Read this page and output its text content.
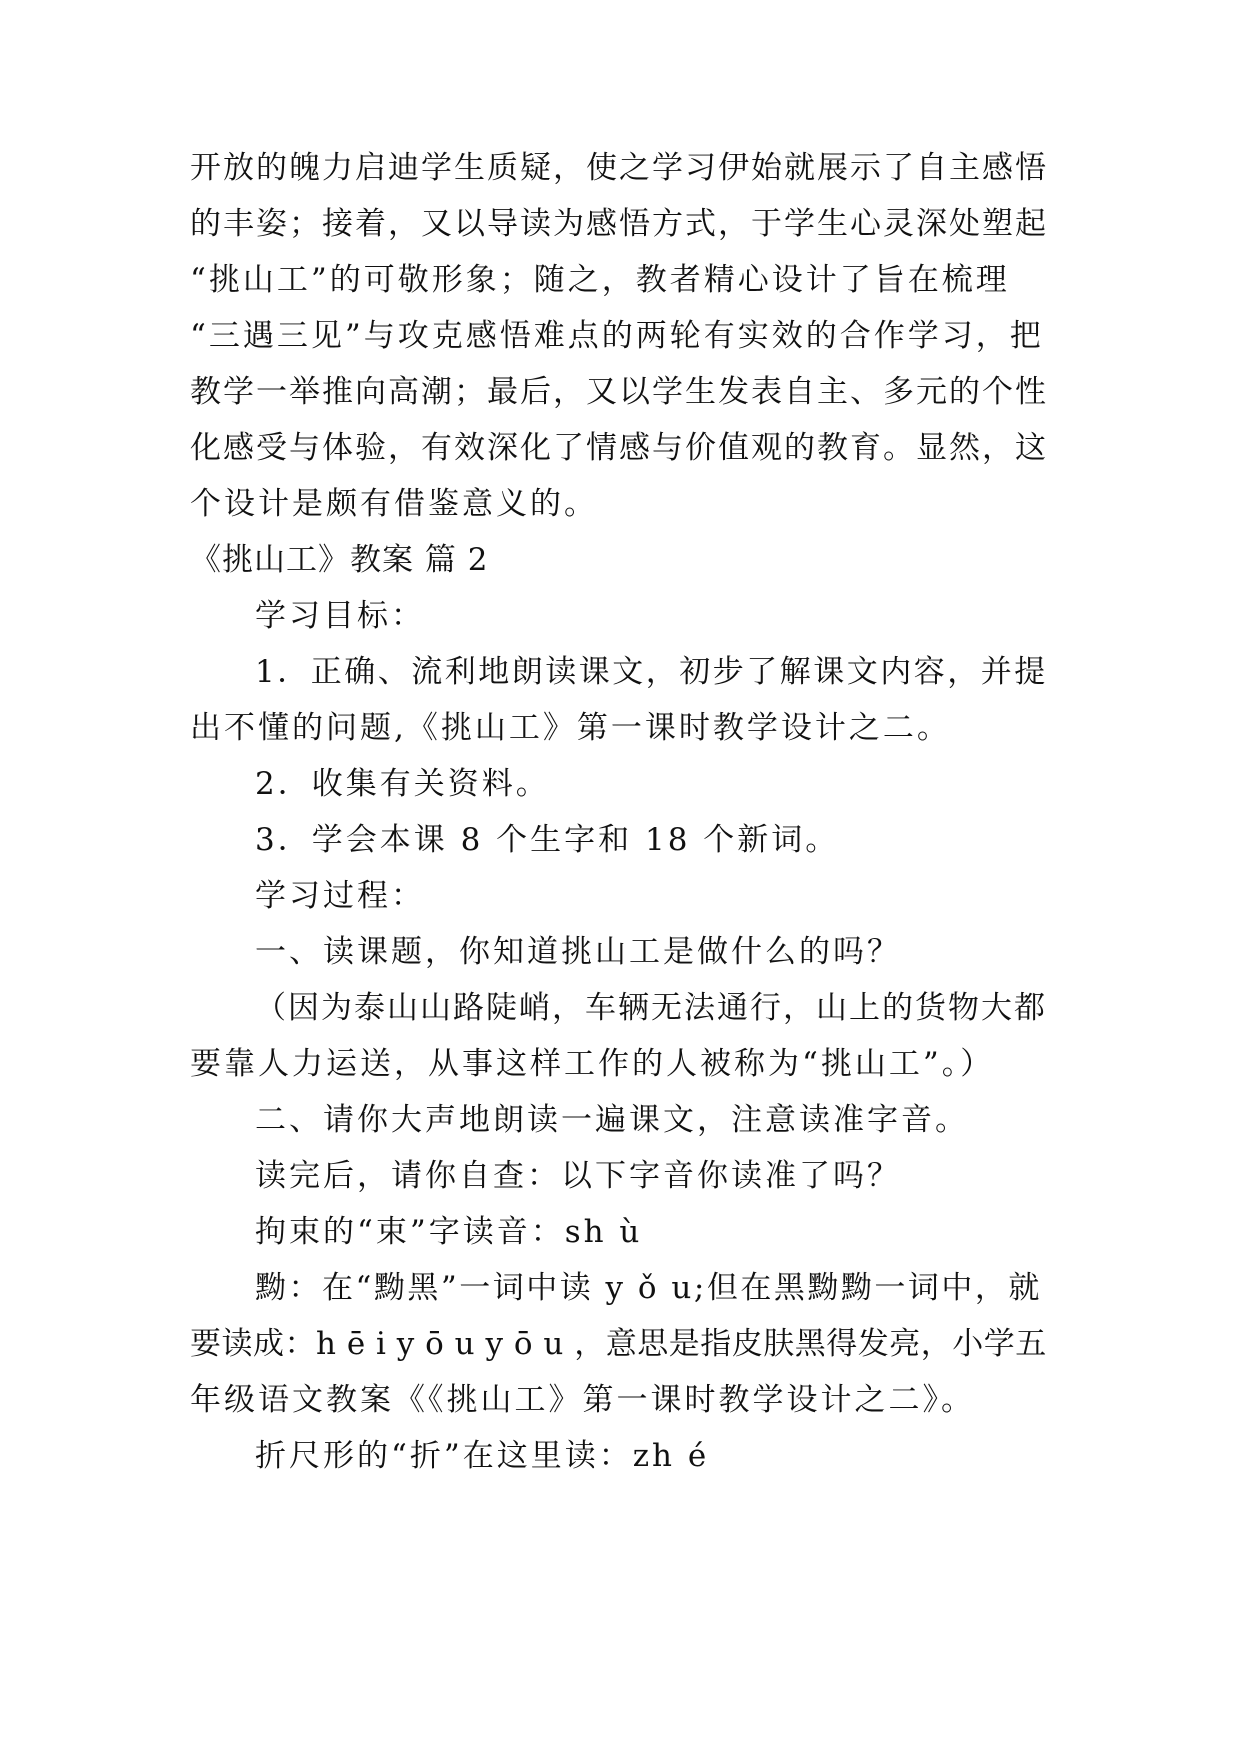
开放的魄力启迪学生质疑，使之学习伊始就展示了自主感悟
的丰姿；接着，又以导读为感悟方式，于学生心灵深处塑起
“挑山工”的可敬形象；随之，教者精心设计了旨在梳理
“三遇三见”与攻克感悟难点的两轮有实效的合作学习，把
教学一举推向高潮；最后，又以学生发表自主、多元的个性
化感受与体验，有效深化了情感与价值观的教育。显然，这
个设计是颇有借鉴意义的。
《挑山工》教案 篇 2
学习目标：
1．正确、流利地朗读课文，初步了解课文内容，并提
出不懂的问题,《挑山工》第一课时教学设计之二。
2．收集有关资料。
3．学会本课 8 个生字和 18 个新词。
学习过程：
一、读课题，你知道挑山工是做什么的吗？
（因为泰山山路陡峭，车辆无法通行，山上的货物大都
要靠人力运送，从事这样工作的人被称为“挑山工”。）
二、请你大声地朗读一遍课文，注意读准字音。
读完后，请你自查：以下字音你读准了吗？
拘束的“束”字读音：sh ù
黝：在“黝黑”一词中读 y ǒ u;但在黑黝黝一词中，就
要读成：h ē i y ō u y ō u ，意思是指皮肤黑得发亮，小学五
年级语文教案《《挑山工》第一课时教学设计之二》。
折尺形的“折”在这里读：zh é
